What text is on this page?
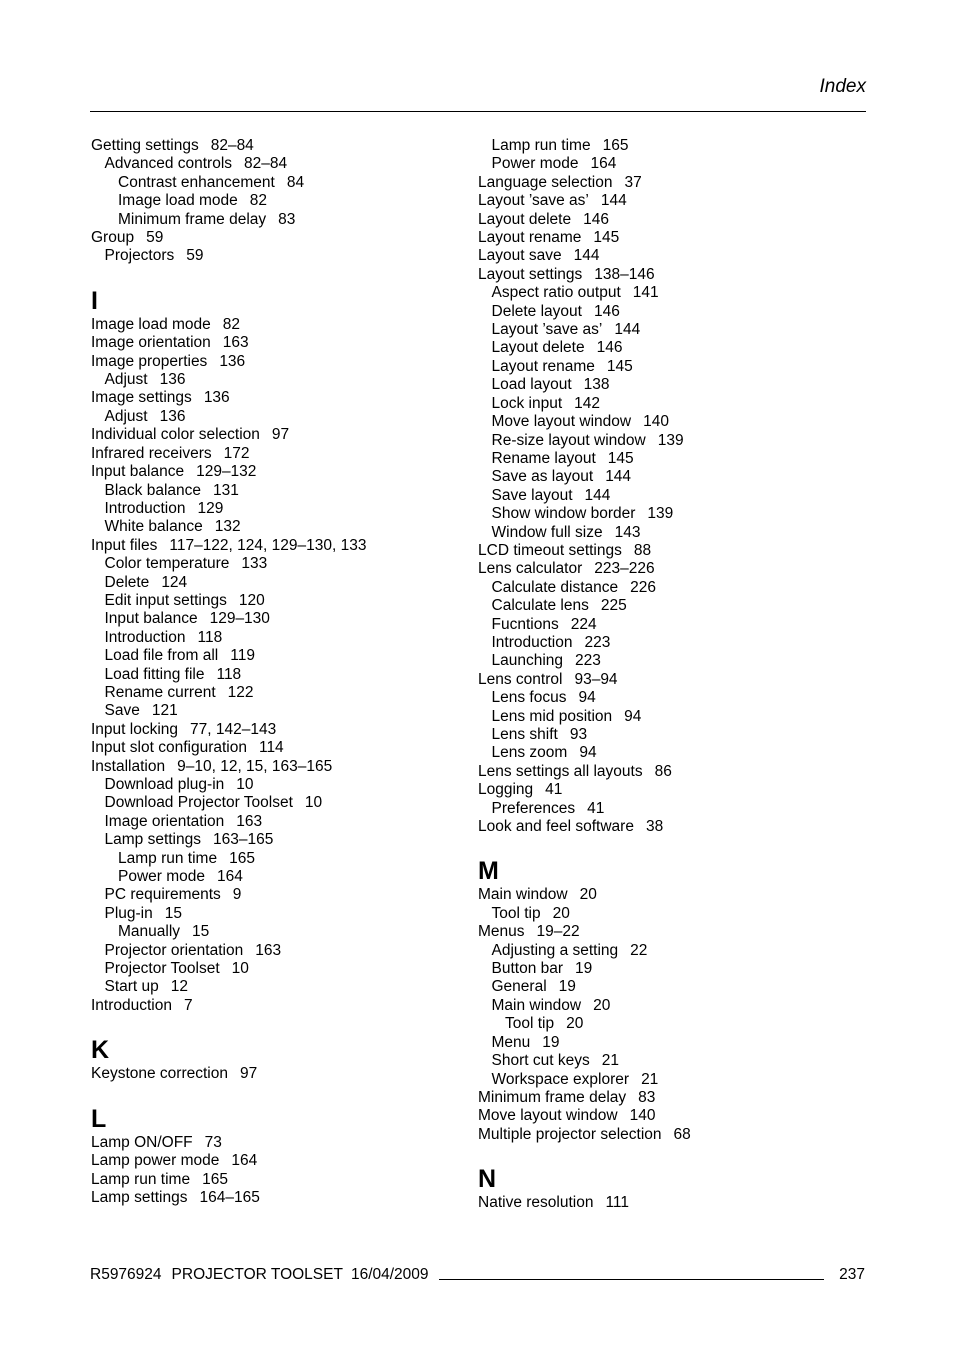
Index
Getting settings 82–84
Advanced controls 82–84
Contrast enhancement 84
Image load mode 82
Minimum frame delay 83
Group 59
Projectors 59
I
Image load mode 82
Image orientation 163
Image properties 136
Adjust 136
Image settings 136
Adjust 136
Individual color selection 97
Infrared receivers 172
Input balance 129–132
Black balance 131
Introduction 129
White balance 132
Input files 117–122, 124, 129–130, 133
Color temperature 133
Delete 124
Edit input settings 120
Input balance 129–130
Introduction 118
Load file from all 119
Load fitting file 118
Rename current 122
Save 121
Input locking 77, 142–143
Input slot configuration 114
Installation 9–10, 12, 15, 163–165
Download plug-in 10
Download Projector Toolset 10
Image orientation 163
Lamp settings 163–165
Lamp run time 165
Power mode 164
PC requirements 9
Plug-in 15
Manually 15
Projector orientation 163
Projector Toolset 10
Start up 12
Introduction 7
K
Keystone correction 97
L
Lamp ON/OFF 73
Lamp power mode 164
Lamp run time 165
Lamp settings 164–165
Lamp run time 165
Power mode 164
Language selection 37
Layout ’save as’ 144
Layout delete 146
Layout rename 145
Layout save 144
Layout settings 138–146
Aspect ratio output 141
Delete layout 146
Layout ’save as’ 144
Layout delete 146
Layout rename 145
Load layout 138
Lock input 142
Move layout window 140
Re-size layout window 139
Rename layout 145
Save as layout 144
Save layout 144
Show window border 139
Window full size 143
LCD timeout settings 88
Lens calculator 223–226
Calculate distance 226
Calculate lens 225
Fucntions 224
Introduction 223
Launching 223
Lens control 93–94
Lens focus 94
Lens mid position 94
Lens shift 93
Lens zoom 94
Lens settings all layouts 86
Logging 41
Preferences 41
Look and feel software 38
M
Main window 20
Tool tip 20
Menus 19–22
Adjusting a setting 22
Button bar 19
General 19
Main window 20
Tool tip 20
Menu 19
Short cut keys 21
Workspace explorer 21
Minimum frame delay 83
Move layout window 140
Multiple projector selection 68
N
Native resolution 111
R5976924 PROJECTOR TOOLSET 16/04/2009	237
